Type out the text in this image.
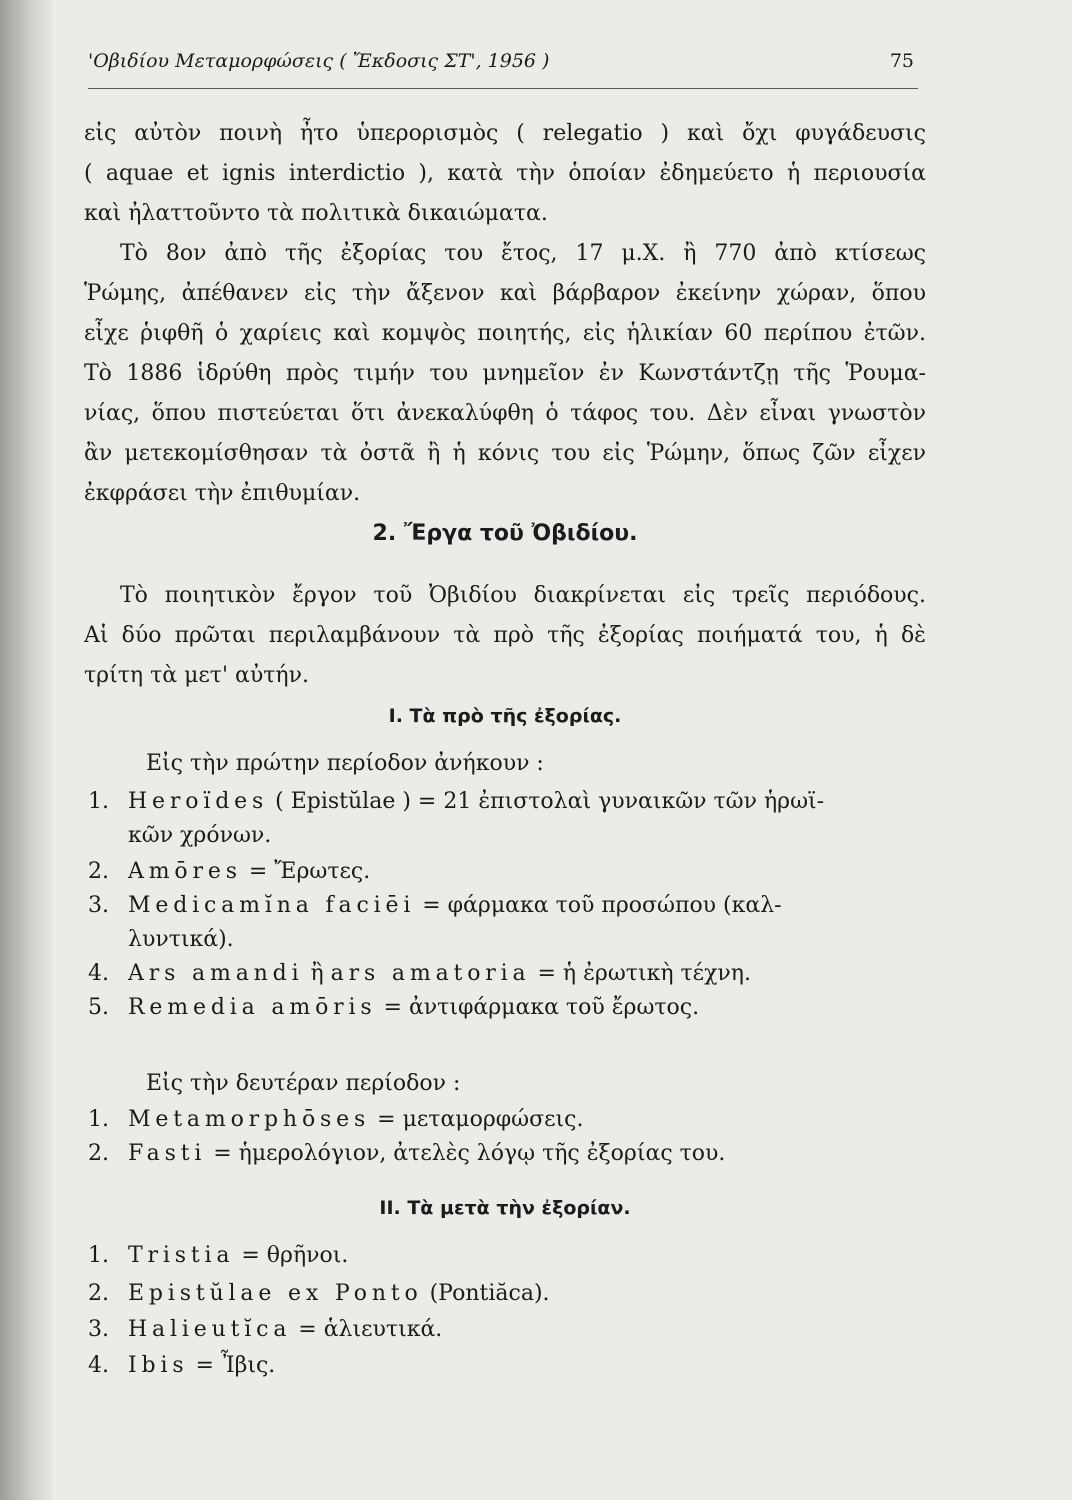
'Οβιδίου Μεταμορφώσεις ( Ἔκδοσις ΣΤ', 1956 )	75
εἰς αὐτὸν ποινὴ ἦτο ὑπερορισμὸς ( relegatio ) καὶ ὄχι φυγάδευσις
( aquae et ignis interdictio ), κατὰ τὴν ὁποίαν ἐδημεύετο ἡ περιουσία
καὶ ἠλαττοῦντο τὰ πολιτικὰ δικαιώματα.
Τὸ 8ον ἀπὸ τῆς ἐξορίας του ἔτος, 17 μ.Χ. ἢ 770 ἀπὸ κτίσεως
Ῥώμης, ἀπέθανεν εἰς τὴν ἄξενον καὶ βάρβαρον ἐκείνην χώραν, ὅπου
εἶχε ῥιφθῆ ὁ χαρίεις καὶ κομψὸς ποιητής, εἰς ἡλικίαν 60 περίπου ἐτῶν.
Τὸ 1886 ἱδρύθη πρὸς τιμήν του μνημεῖον ἐν Κωνστάντζῃ τῆς Ῥουμα-
νίας, ὅπου πιστεύεται ὅτι ἀνεκαλύφθη ὁ τάφος του. Δὲν εἶναι γνωστὸν
ἂν μετεκομίσθησαν τὰ ὀστᾶ ἢ ἡ κόνις του εἰς Ῥώμην, ὅπως ζῶν εἶχεν
ἐκφράσει τὴν ἐπιθυμίαν.
2. Ἔργα τοῦ Ὀβιδίου.
Τὸ ποιητικὸν ἔργον τοῦ Ὀβιδίου διακρίνεται εἰς τρεῖς περιόδους.
Αἱ δύο πρῶται περιλαμβάνουν τὰ πρὸ τῆς ἐξορίας ποιήματά του, ἡ δὲ
τρίτη τὰ μετ' αὐτήν.
I. Τὰ πρὸ τῆς ἐξορίας.
Εἰς τὴν πρώτην περίοδον ἀνήκουν :
1. Heroïdes ( Epistŭlae ) = 21 ἐπιστολαὶ γυναικῶν τῶν ἡρωϊ-
κῶν χρόνων.
2. Amōres = Ἔρωτες.
3. Medicamĭna faciēi = φάρμακα τοῦ προσώπου (καλ-
λυντικά).
4. Ars amandi ἢ ars amatoria = ἡ ἐρωτικὴ τέχνη.
5. Remedia amōris = ἀντιφάρμακα τοῦ ἔρωτος.
Εἰς τὴν δευτέραν περίοδον :
1. Metamorphōses = μεταμορφώσεις.
2. Fasti = ἡμερολόγιον, ἀτελὲς λόγῳ τῆς ἐξορίας του.
II. Τὰ μετὰ τὴν ἐξορίαν.
1. Tristia = θρῆνοι.
2. Epistŭlae ex Ponto (Pontiăca).
3. Halieutĭca = ἁλιευτικά.
4. Ibis = Ἶβις.
